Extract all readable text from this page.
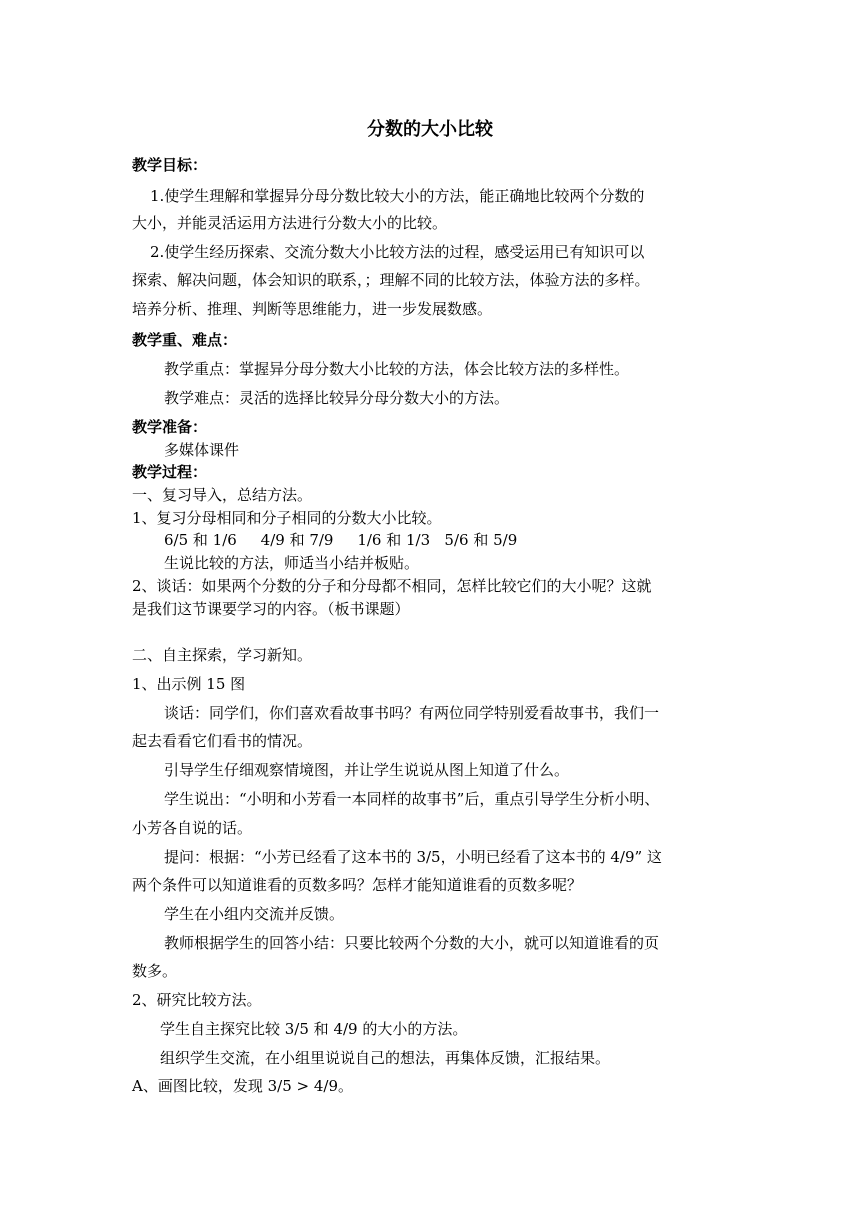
分数的大小比较
教学目标：
1.使学生理解和掌握异分母分数比较大小的方法，能正确地比较两个分数的
大小，并能灵活运用方法进行分数大小的比较。
2.使学生经历探索、交流分数大小比较方法的过程，感受运用已有知识可以
探索、解决问题，体会知识的联系，；理解不同的比较方法，体验方法的多样。
培养分析、推理、判断等思维能力，进一步发展数感。
教学重、难点：
教学重点：掌握异分母分数大小比较的方法，体会比较方法的多样性。
教学难点：灵活的选择比较异分母分数大小的方法。
教学准备：
多媒体课件
教学过程：
一、复习导入，总结方法。
1、复习分母相同和分子相同的分数大小比较。
6/5 和 1/6     4/9 和 7/9     1/6 和 1/3   5/6 和 5/9
生说比较的方法，师适当小结并板贴。
2、谈话：如果两个分数的分子和分母都不相同，怎样比较它们的大小呢？这就
是我们这节课要学习的内容。（板书课题）
二、自主探索，学习新知。
1、出示例 15 图
谈话：同学们，你们喜欢看故事书吗？有两位同学特别爱看故事书，我们一
起去看看它们看书的情况。
引导学生仔细观察情境图，并让学生说说从图上知道了什么。
学生说出：“小明和小芳看一本同样的故事书”后，重点引导学生分析小明、
小芳各自说的话。
提问：根据：“小芳已经看了这本书的 3/5，小明已经看了这本书的 4/9” 这
两个条件可以知道谁看的页数多吗？怎样才能知道谁看的页数多呢？
学生在小组内交流并反馈。
教师根据学生的回答小结：只要比较两个分数的大小，就可以知道谁看的页
数多。
2、研究比较方法。
学生自主探究比较 3/5 和 4/9 的大小的方法。
组织学生交流，在小组里说说自己的想法，再集体反馈，汇报结果。
A、画图比较，发现 3/5 > 4/9。
